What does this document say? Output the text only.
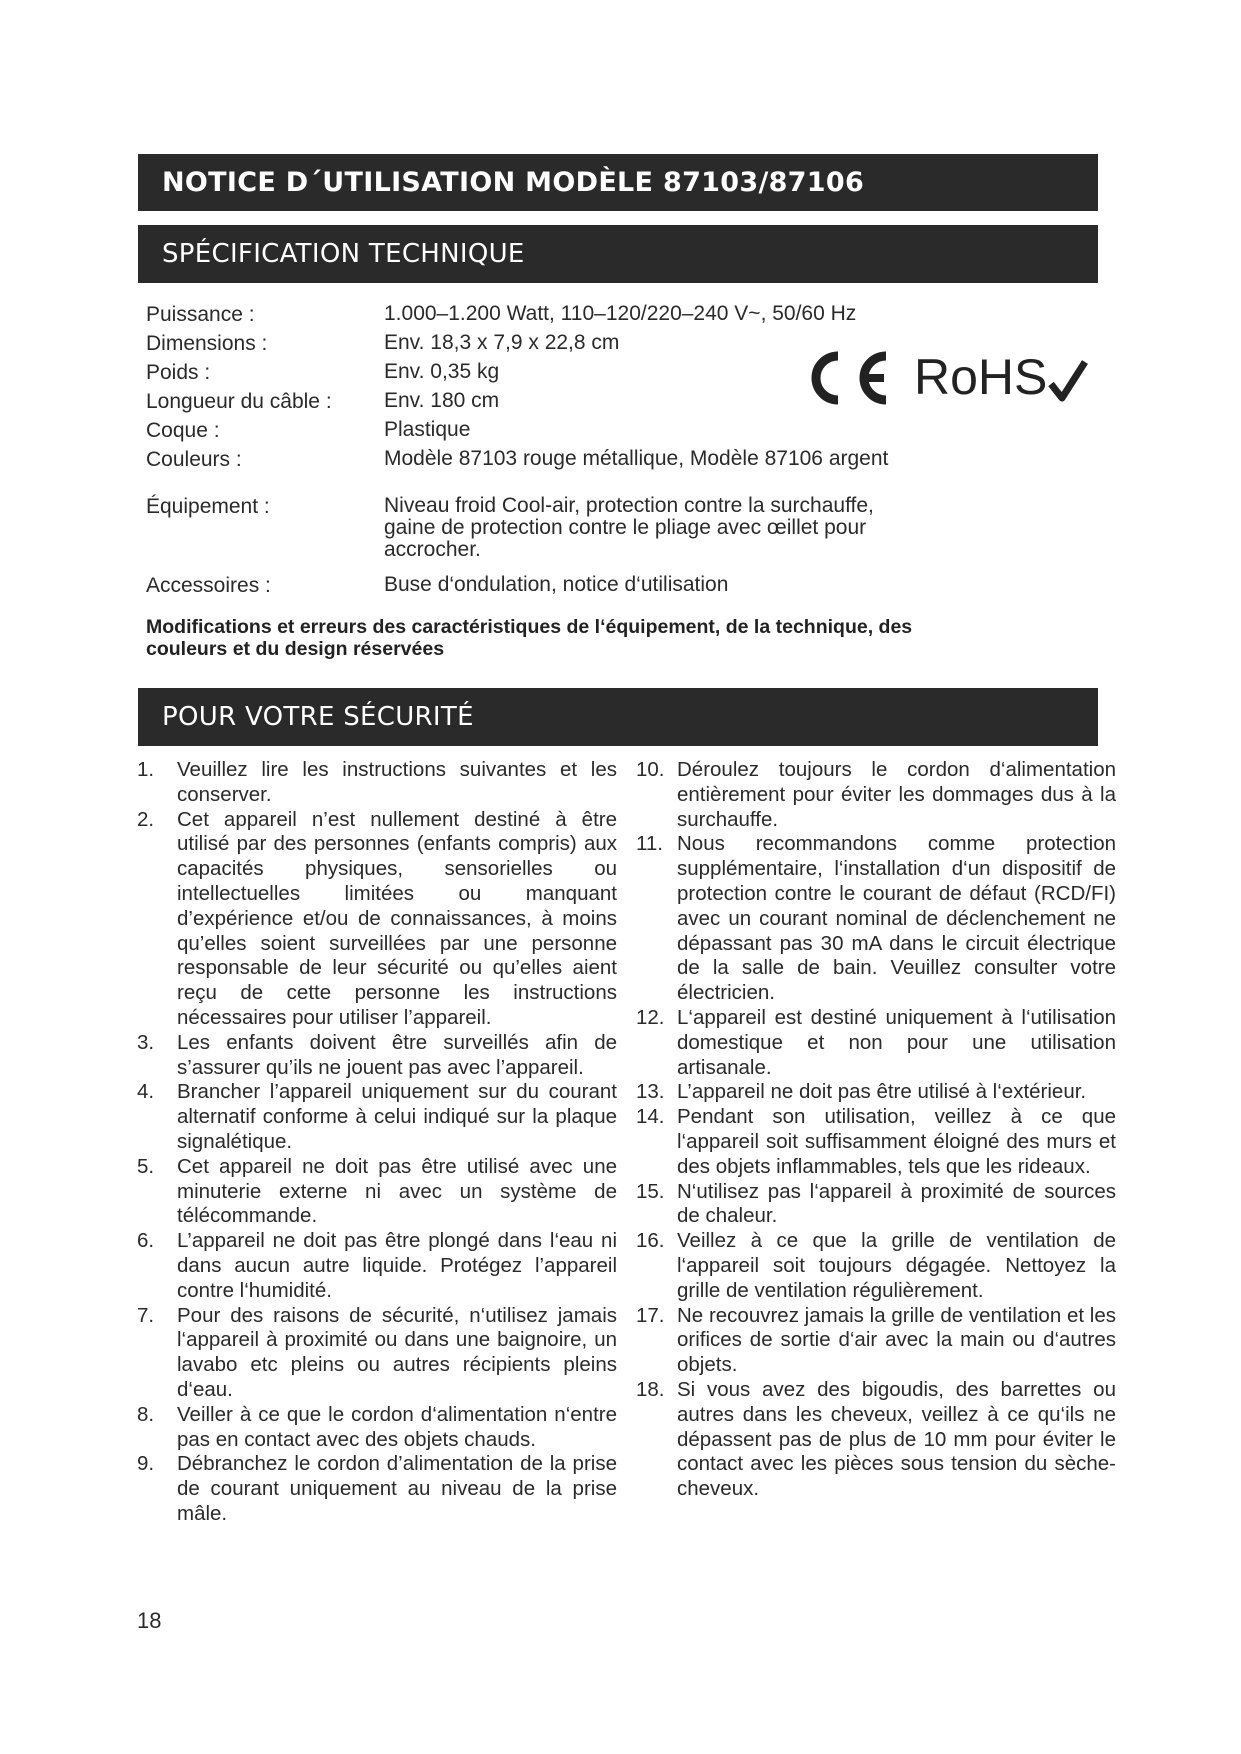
NOTICE D´UTILISATION MODÈLE 87103/87106
SPÉCIFICATION TECHNIQUE
Puissance :	1.000–1.200 Watt, 110–120/220–240 V~, 50/60 Hz
Dimensions :	Env. 18,3 x 7,9 x 22,8 cm
Poids :	Env. 0,35 kg
Longueur du câble : Env. 180 cm
Coque :	Plastique
Couleurs :	Modèle 87103 rouge métallique, Modèle 87106 argent
Équipement :	Niveau froid Cool-air, protection contre la surchauffe, gaine de protection contre le pliage avec œillet pour accrocher.
Accessoires :	Buse d‘ondulation, notice d‘utilisation
RoHS
Modifications et erreurs des caractéristiques de l‘équipement, de la technique, des couleurs et du design réservées
POUR VOTRE SÉCURITÉ
1. Veuillez lire les instructions suivantes et les conserver.
2. Cet appareil n’est nullement destiné à être utilisé par des personnes (enfants compris) aux capacités physiques, sensorielles ou intellectuelles limitées ou manquant d’expérience et/ou de connaissances, à moins qu’elles soient surveillées par une personne responsable de leur sécurité ou qu’elles aient reçu de cette personne les instructions nécessaires pour utiliser l’appareil.
3. Les enfants doivent être surveillés afin de s’assurer qu’ils ne jouent pas avec l’appareil.
4. Brancher l’appareil uniquement sur du courant alternatif conforme à celui indiqué sur la plaque signalétique.
5. Cet appareil ne doit pas être utilisé avec une minuterie externe ni avec un système de télécommande.
6. L’appareil ne doit pas être plongé dans l‘eau ni dans aucun autre liquide. Protégez l’appareil contre l‘humidité.
7. Pour des raisons de sécurité, n‘utilisez jamais l‘appareil à proximité ou dans une baignoire, un lavabo etc pleins ou autres récipients pleins d‘eau.
8. Veiller à ce que le cordon d‘alimentation n‘entre pas en contact avec des objets chauds.
9. Débranchez le cordon d’alimentation de la prise de courant uniquement au niveau de la prise mâle.
10. Déroulez toujours le cordon d‘alimentation entièrement pour éviter les dommages dus à la surchauffe.
11. Nous recommandons comme protection supplémentaire, l‘installation d‘un dispositif de protection contre le courant de défaut (RCD/FI) avec un courant nominal de déclenchement ne dépassant pas 30 mA dans le circuit électrique de la salle de bain. Veuillez consulter votre électricien.
12. L‘appareil est destiné uniquement à l‘utilisation domestique et non pour une utilisation artisanale.
13. L’appareil ne doit pas être utilisé à l‘extérieur.
14. Pendant son utilisation, veillez à ce que l‘appareil soit suffisamment éloigné des murs et des objets inflammables, tels que les rideaux.
15. N‘utilisez pas l‘appareil à proximité de sources de chaleur.
16. Veillez à ce que la grille de ventilation de l‘appareil soit toujours dégagée. Nettoyez la grille de ventilation régulièrement.
17. Ne recouvrez jamais la grille de ventilation et les orifices de sortie d‘air avec la main ou d‘autres objets.
18. Si vous avez des bigoudis, des barrettes ou autres dans les cheveux, veillez à ce qu‘ils ne dépassent pas de plus de 10 mm pour éviter le contact avec les pièces sous tension du sèche-cheveux.
18
